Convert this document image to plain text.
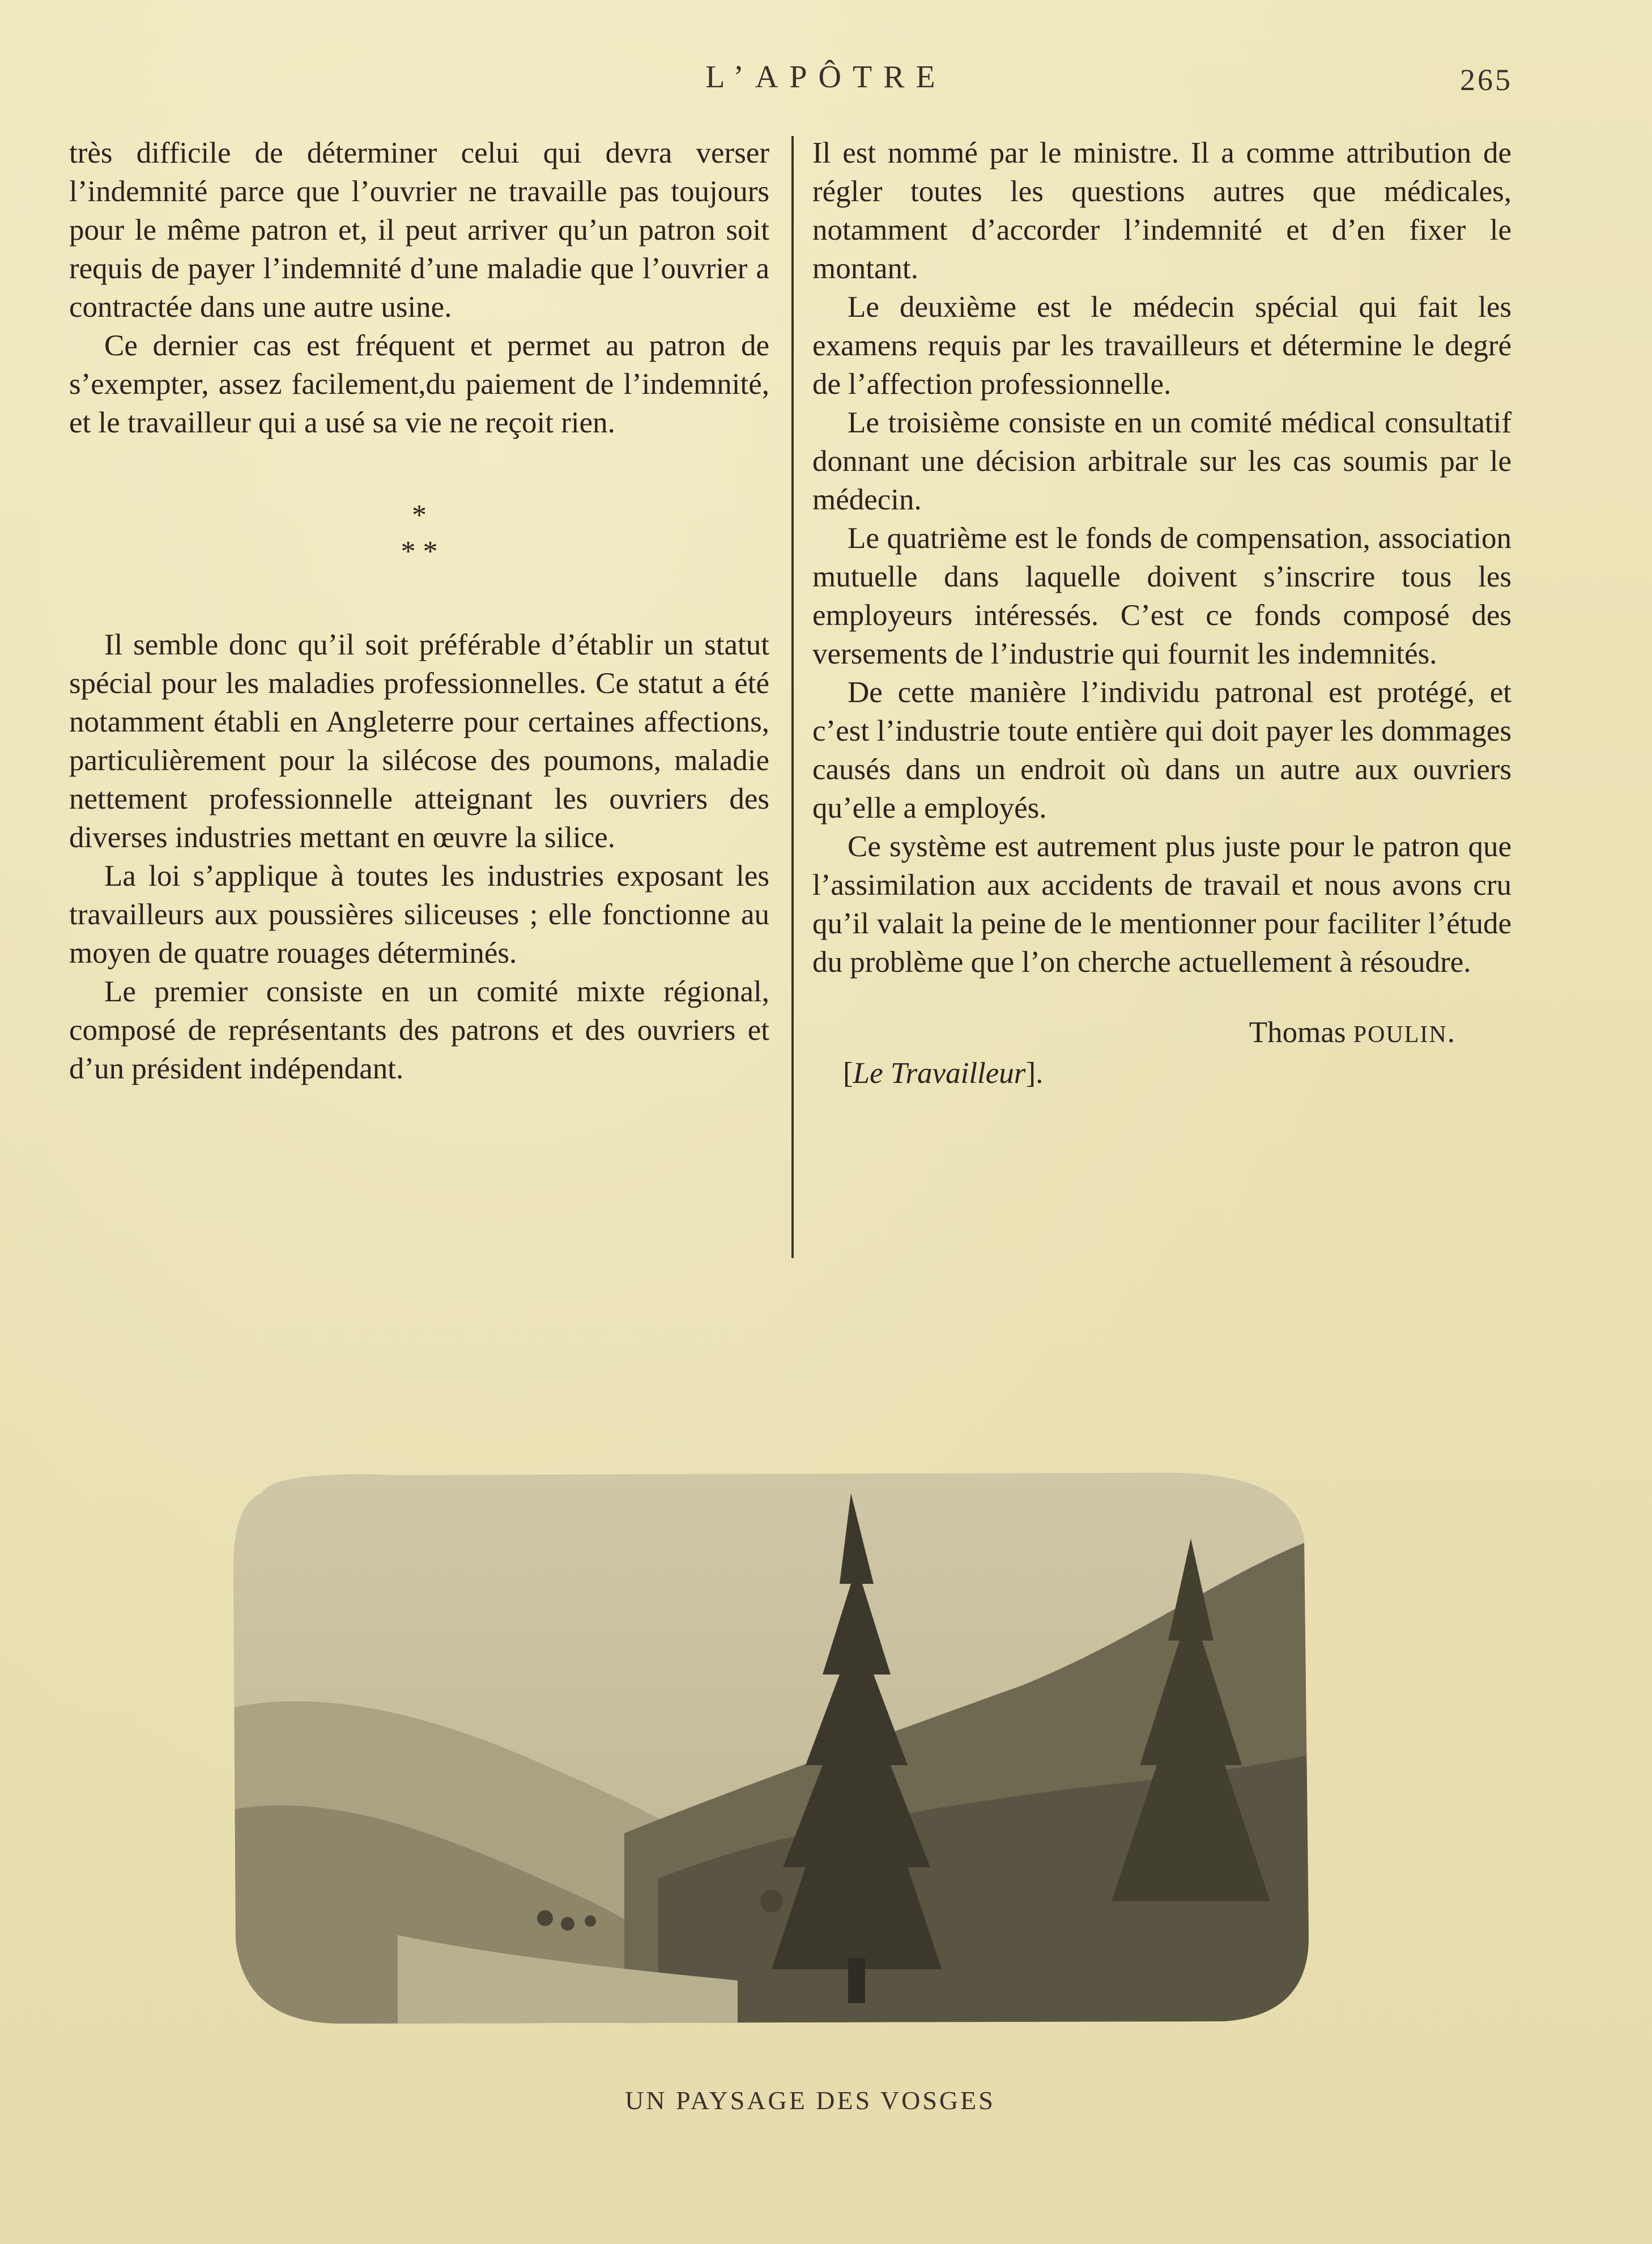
L’APÔTRE	265

très difficile de déterminer celui qui devra verser l’indemnité parce que l’ouvrier ne travaille pas toujours pour le même patron et, il peut arriver qu’un patron soit requis de payer l’indemnité d’une maladie que l’ouvrier a contractée dans une autre usine.

Ce dernier cas est fréquent et permet au patron de s’exempter, assez facilement,du paiement de l’indemnité, et le travailleur qui a usé sa vie ne reçoit rien.

*
* *

Il semble donc qu’il soit préférable d’établir un statut spécial pour les maladies professionnelles. Ce statut a été notamment établi en Angleterre pour certaines affections, particulièrement pour la silécose des poumons, maladie nettement professionnelle atteignant les ouvriers des diverses industries mettant en œuvre la silice.

La loi s’applique à toutes les industries exposant les travailleurs aux poussières siliceuses ; elle fonctionne au moyen de quatre rouages déterminés.

Le premier consiste en un comité mixte régional, composé de représentants des patrons et des ouvriers et d’un président indépendant.

Il est nommé par le ministre. Il a comme attribution de régler toutes les questions autres que médicales, notamment d’accorder l’indemnité et d’en fixer le montant.

Le deuxième est le médecin spécial qui fait les examens requis par les travailleurs et détermine le degré de l’affection professionnelle.

Le troisième consiste en un comité médical consultatif donnant une décision arbitrale sur les cas soumis par le médecin.

Le quatrième est le fonds de compensation, association mutuelle dans laquelle doivent s’inscrire tous les employeurs intéressés. C’est ce fonds composé des versements de l’industrie qui fournit les indemnités.

De cette manière l’individu patronal est protégé, et c’est l’industrie toute entière qui doit payer les dommages causés dans un endroit où dans un autre aux ouvriers qu’elle a employés.

Ce système est autrement plus juste pour le patron que l’assimilation aux accidents de travail et nous avons cru qu’il valait la peine de le mentionner pour faciliter l’étude du problème que l’on cherche actuellement à résoudre.

Thomas POULIN.
[Le Travailleur].
UN PAYSAGE DES VOSGES
